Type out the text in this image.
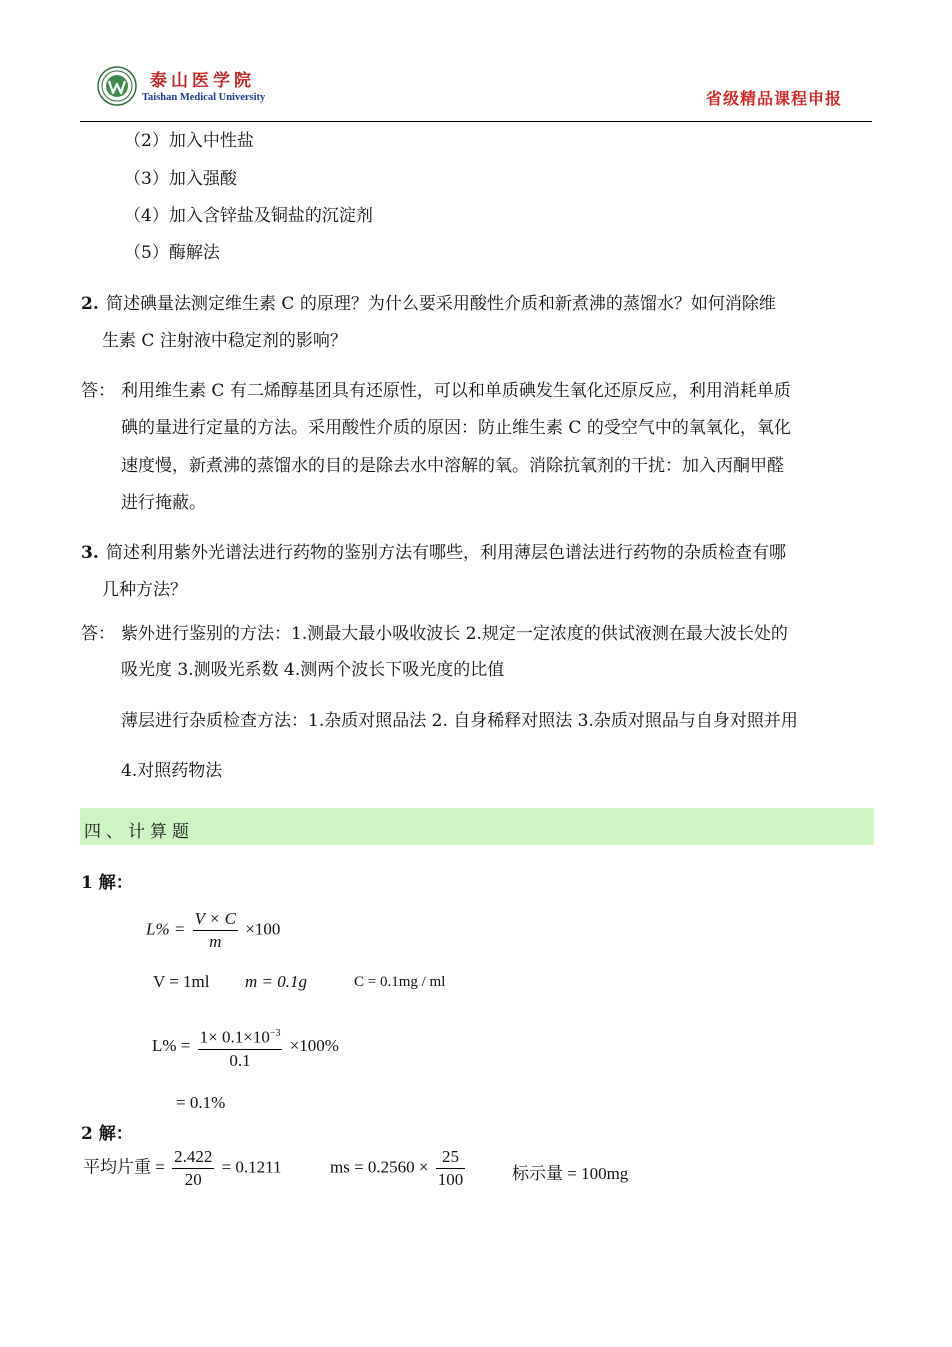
泰山医学院
Taishan Medical University	省级精品课程申报
（2）加入中性盐
（3）加入强酸
（4）加入含锌盐及铜盐的沉淀剂
（5）酶解法
2. 简述碘量法测定维生素 C 的原理？为什么要采用酸性介质和新煮沸的蒸馏水？如何消除维
生素 C 注射液中稳定剂的影响？
答： 利用维生素 C 有二烯醇基团具有还原性，可以和单质碘发生氧化还原反应，利用消耗单质
碘的量进行定量的方法。采用酸性介质的原因：防止维生素 C 的受空气中的氧氧化，氧化
速度慢，新煮沸的蒸馏水的目的是除去水中溶解的氧。消除抗氧剂的干扰：加入丙酮甲醛
进行掩蔽。
3. 简述利用紫外光谱法进行药物的鉴别方法有哪些，利用薄层色谱法进行药物的杂质检查有哪
几种方法？
答： 紫外进行鉴别的方法：1.测最大最小吸收波长 2.规定一定浓度的供试液测在最大波长处的
吸光度 3.测吸光系数 4.测两个波长下吸光度的比值
薄层进行杂质检查方法：1.杂质对照品法 2. 自身稀释对照法 3.杂质对照品与自身对照并用
4.对照药物法
四、计算题
1 解：
$L\% = \frac{V \times C}{m} \times 100$
V = 1ml m = 0.1g	C = 0.1mg / ml
$L\% = \frac{1\times 0.1\times 10^{-3}}{0.1} \times 100\%$
= 0.1%
2 解：
平均片重 = $\frac{2.422}{20} = 0.1211$	ms = $0.2560 \times \frac{25}{100}$	标示量 = 100mg
